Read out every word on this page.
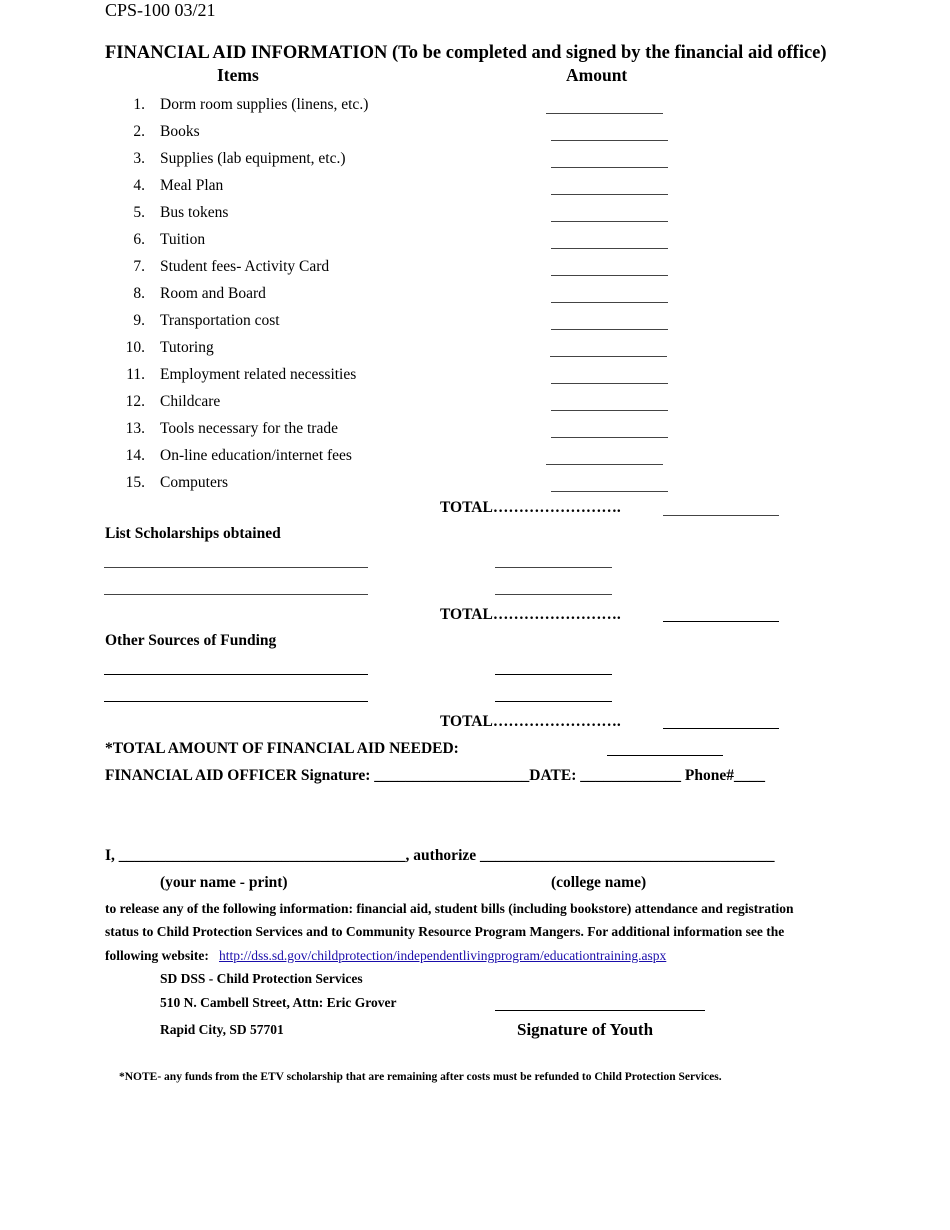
CPS-100 03/21
FINANCIAL AID INFORMATION (To be completed and signed by the financial aid office)
Items	Amount
1. Dorm room supplies (linens, etc.)
2. Books
3. Supplies (lab equipment, etc.)
4. Meal Plan
5. Bus tokens
6. Tuition
7. Student fees- Activity Card
8. Room and Board
9. Transportation cost
10. Tutoring
11. Employment related necessities
12. Childcare
13. Tools necessary for the trade
14. On-line education/internet fees
15. Computers
TOTAL…………………….
List Scholarships obtained
TOTAL…………………….
Other Sources of Funding
TOTAL…………………….
*TOTAL AMOUNT OF FINANCIAL AID NEEDED:
FINANCIAL AID OFFICER Signature: ____________________DATE: _____________ Phone#____
I, _____________________________________, authorize ______________________________________
(your name - print)	(college name)
to release any of the following information: financial aid, student bills (including bookstore) attendance and registration
status to Child Protection Services and to Community Resource Program Mangers. For additional information see the
following website: http://dss.sd.gov/childprotection/independentlivingprogram/educationtraining.aspx
SD DSS - Child Protection Services
510 N. Cambell Street, Attn: Eric Grover
Rapid City, SD 57701	Signature of Youth
*NOTE- any funds from the ETV scholarship that are remaining after costs must be refunded to Child Protection Services.
